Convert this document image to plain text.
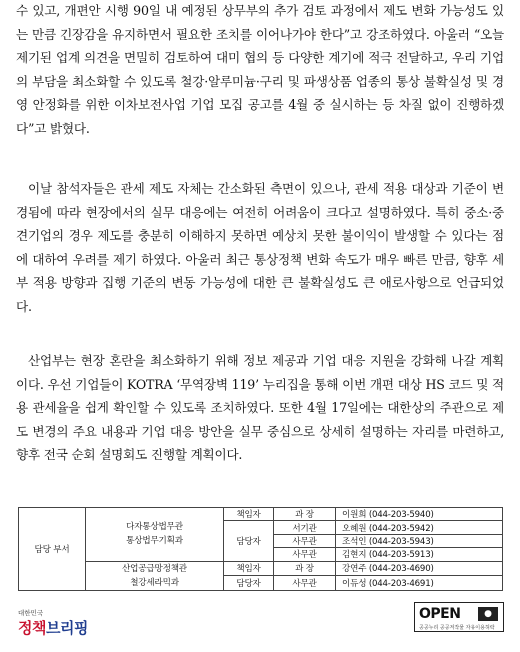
수 있고, 개편안 시행 90일 내 예정된 상무부의 추가 검토 과정에서 제도 변화 가능성도 있는 만큼 긴장감을 유지하면서 필요한 조치를 이어나가야 한다”고 강조하였다. 아울러 “오늘 제기된 업계 의견을 면밀히 검토하여 대미 협의 등 다양한 계기에 적극 전달하고, 우리 기업의 부담을 최소화할 수 있도록 철강·알루미늄·구리 및 파생상품 업종의 통상 불확실성 및 경영 안정화를 위한 이차보전사업 기업 모집 공고를 4월 중 실시하는 등 차질 없이 진행하겠다”고 밝혔다.

이날 참석자들은 관세 제도 자체는 간소화된 측면이 있으나, 관세 적용 대상과 기준이 변경됨에 따라 현장에서의 실무 대응에는 여전히 어려움이 크다고 설명하였다. 특히 중소·중견기업의 경우 제도를 충분히 이해하지 못하면 예상치 못한 불이익이 발생할 수 있다는 점에 대하여 우려를 제기 하였다. 아울러 최근 통상정책 변화 속도가 매우 빠른 만큼, 향후 세부 적용 방향과 집행 기준의 변동 가능성에 대한 큰 불확실성도 큰 애로사항으로 언급되었다.

산업부는 현장 혼란을 최소화하기 위해 정보 제공과 기업 대응 지원을 강화해 나갈 계획이다. 우선 기업들이 KOTRA ‘무역장벽 119’ 누리집을 통해 이번 개편 대상 HS 코드 및 적용 관세율을 쉽게 확인할 수 있도록 조치하였다. 또한 4월 17일에는 대한상의 주관으로 제도 변경의 주요 내용과 기업 대응 방안을 실무 중심으로 상세히 설명하는 자리를 마련하고, 향후 전국 순회 설명회도 진행할 계획이다.

담당 부서	다자통상법무관
통상법무기획과	책임자	과 장	이원희 (044-203-5940)
		담당자	서기관	오혜원 (044-203-5942)
			사무관	조석인 (044-203-5943)
			사무관	김현지 (044-203-5913)
	산업공급망정책관
철강세라믹과	책임자	과 장	강연주 (044-203-4690)
		담당자	사무관	이듀성 (044-203-4691)
대한민국
정책브리핑
OPEN	●
공공누리 공공저작물 자유이용허락
